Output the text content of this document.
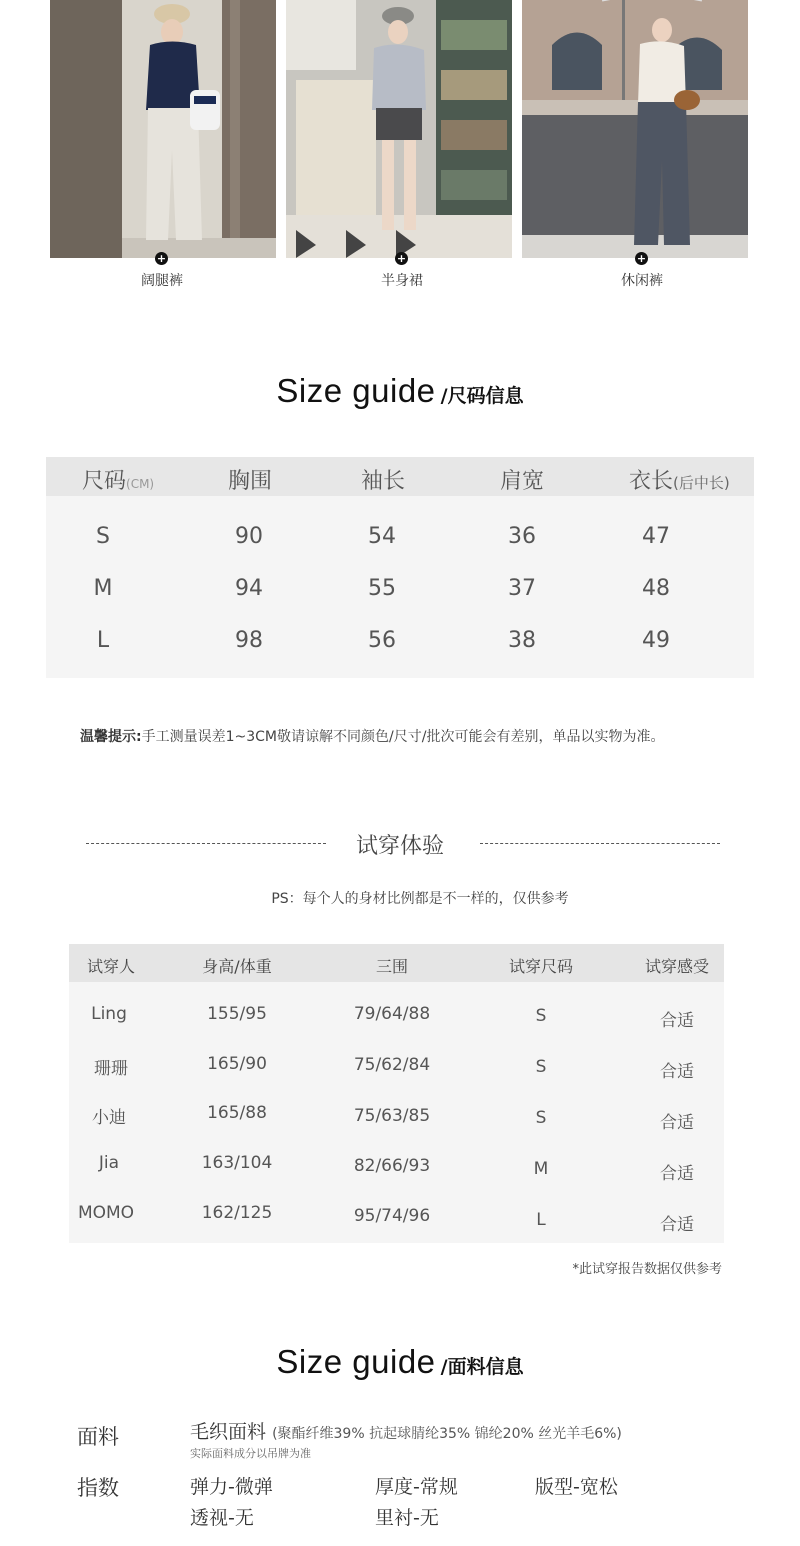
+	+	+
阔腿裤	半身裙	休闲裤
Size guide /尺码信息
尺码(CM)	胸围	袖长	肩宽	衣长(后中长)
S	90	54	36	47
M	94	55	37	48
L	98	56	38	49
温馨提示:手工测量误差1~3CM敬请谅解不同颜色/尺寸/批次可能会有差别，单品以实物为准。
试穿体验
PS：每个人的身材比例都是不一样的，仅供参考
试穿人	身高/体重	三围	试穿尺码	试穿感受
Ling	155/95	79/64/88	S	合适
珊珊	165/90	75/62/84	S	合适
小迪	165/88	75/63/85	S	合适
Jia	163/104	82/66/93	M	合适
MOMO	162/125	95/74/96	L	合适
*此试穿报告数据仅供参考
Size guide /面料信息
面料	毛织面料 (聚酯纤维39% 抗起球腈纶35% 锦纶20% 丝光羊毛6%)
实际面料成分以吊牌为准
指数	弹力-微弹	厚度-常规	版型-宽松
透视-无	里衬-无
